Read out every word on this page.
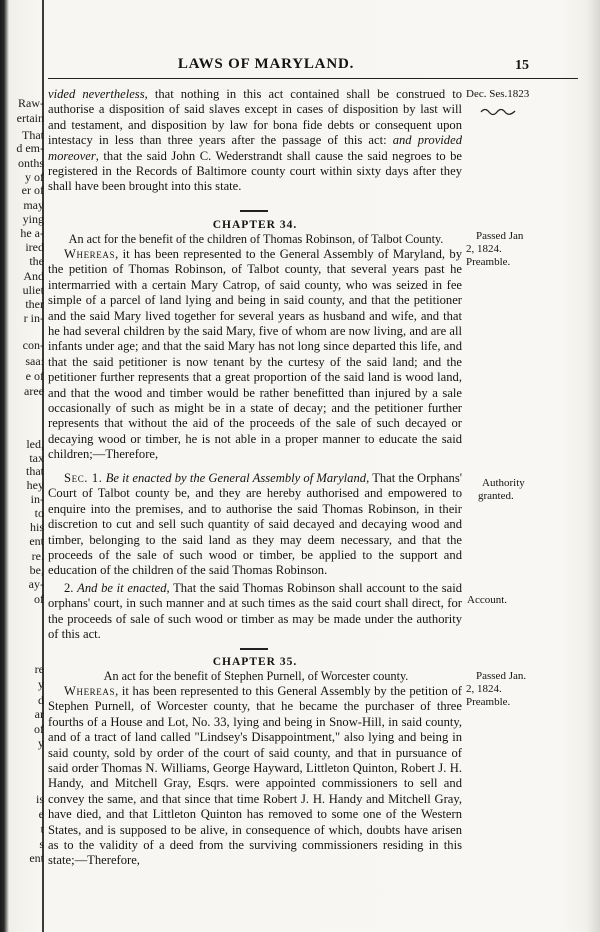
Raw-
ertain
That
d em-
onths
y of
er of
may
ying
he a-
ired
the
And
uliet
ther
r in-
con-
saa:
e of
aree
led,
tax
that
hey
in-
to
his
ent
re.
be,
ay-
of
re
y
d
ar
of
y
is
e
t
s
ent
LAWS OF MARYLAND.	15

vided nevertheless, that nothing in this act contained shall be construed to authorise a disposition of said slaves except in cases of disposition by last will and testament, and disposition by law for bona fide debts or consequent upon intestacy in less than three years after the passage of this act: and provided moreover, that the said John C. Wederstrandt shall cause the said negroes to be registered in the Records of Baltimore county court within sixty days after they shall have been brought into this state.

CHAPTER 34.
An act for the benefit of the children of Thomas Robinson, of Talbot County.

Whereas, it has been represented to the General Assembly of Maryland, by the petition of Thomas Robinson, of Talbot county, that several years past he intermarried with a certain Mary Catrop, of said county, who was seized in fee simple of a parcel of land lying and being in said county, and that the petitioner and the said Mary lived together for several years as husband and wife, and that he had several children by the said Mary, five of whom are now living, and are all infants under age; and that the said Mary has not long since departed this life, and that the said petitioner is now tenant by the curtesy of the said land; and the petitioner further represents that a great proportion of the said land is wood land, and that the wood and timber would be rather benefitted than injured by a sale occasionally of such as might be in a state of decay; and the petitioner further represents that without the aid of the proceeds of the sale of such decayed or decaying wood or timber, he is not able in a proper manner to educate the said children;—Therefore,

Sec. 1. Be it enacted by the General Assembly of Maryland, That the Orphans' Court of Talbot county be, and they are hereby authorised and empowered to enquire into the premises, and to authorise the said Thomas Robinson, in their discretion to cut and sell such quantity of said decayed and decaying wood and timber, belonging to the said land as they may deem necessary, and that the proceeds of the sale of such wood or timber, be applied to the support and education of the children of the said Thomas Robinson.

2. And be it enacted, That the said Thomas Robinson shall account to the said orphans' court, in such manner and at such times as the said court shall direct, for the proceeds of sale of such wood or timber as may be made under the authority of this act.

CHAPTER 35.
An act for the benefit of Stephen Purnell, of Worcester county.

Whereas, it has been represented to this General Assembly by the petition of Stephen Purnell, of Worcester county, that he became the purchaser of three fourths of a House and Lot, No. 33, lying and being in Snow-Hill, in said county, and of a tract of land called "Lindsey's Disappointment," also lying and being in said county, sold by order of the court of said county, and that in pursuance of said order Thomas N. Williams, George Hayward, Littleton Quinton, Robert J. H. Handy, and Mitchell Gray, Esqrs. were appointed commissioners to sell and convey the same, and that since that time Robert J. H. Handy and Mitchell Gray, have died, and that Littleton Quinton has removed to some one of the Western States, and is supposed to be alive, in consequence of which, doubts have arisen as to the validity of a deed from the surviving commissioners residing in this state;—Therefore,

Dec. Ses.1823
Passed Jan
2, 1824.
Preamble.
Authority
granted.
Account.
Passed Jan.
2, 1824.
Preamble.
